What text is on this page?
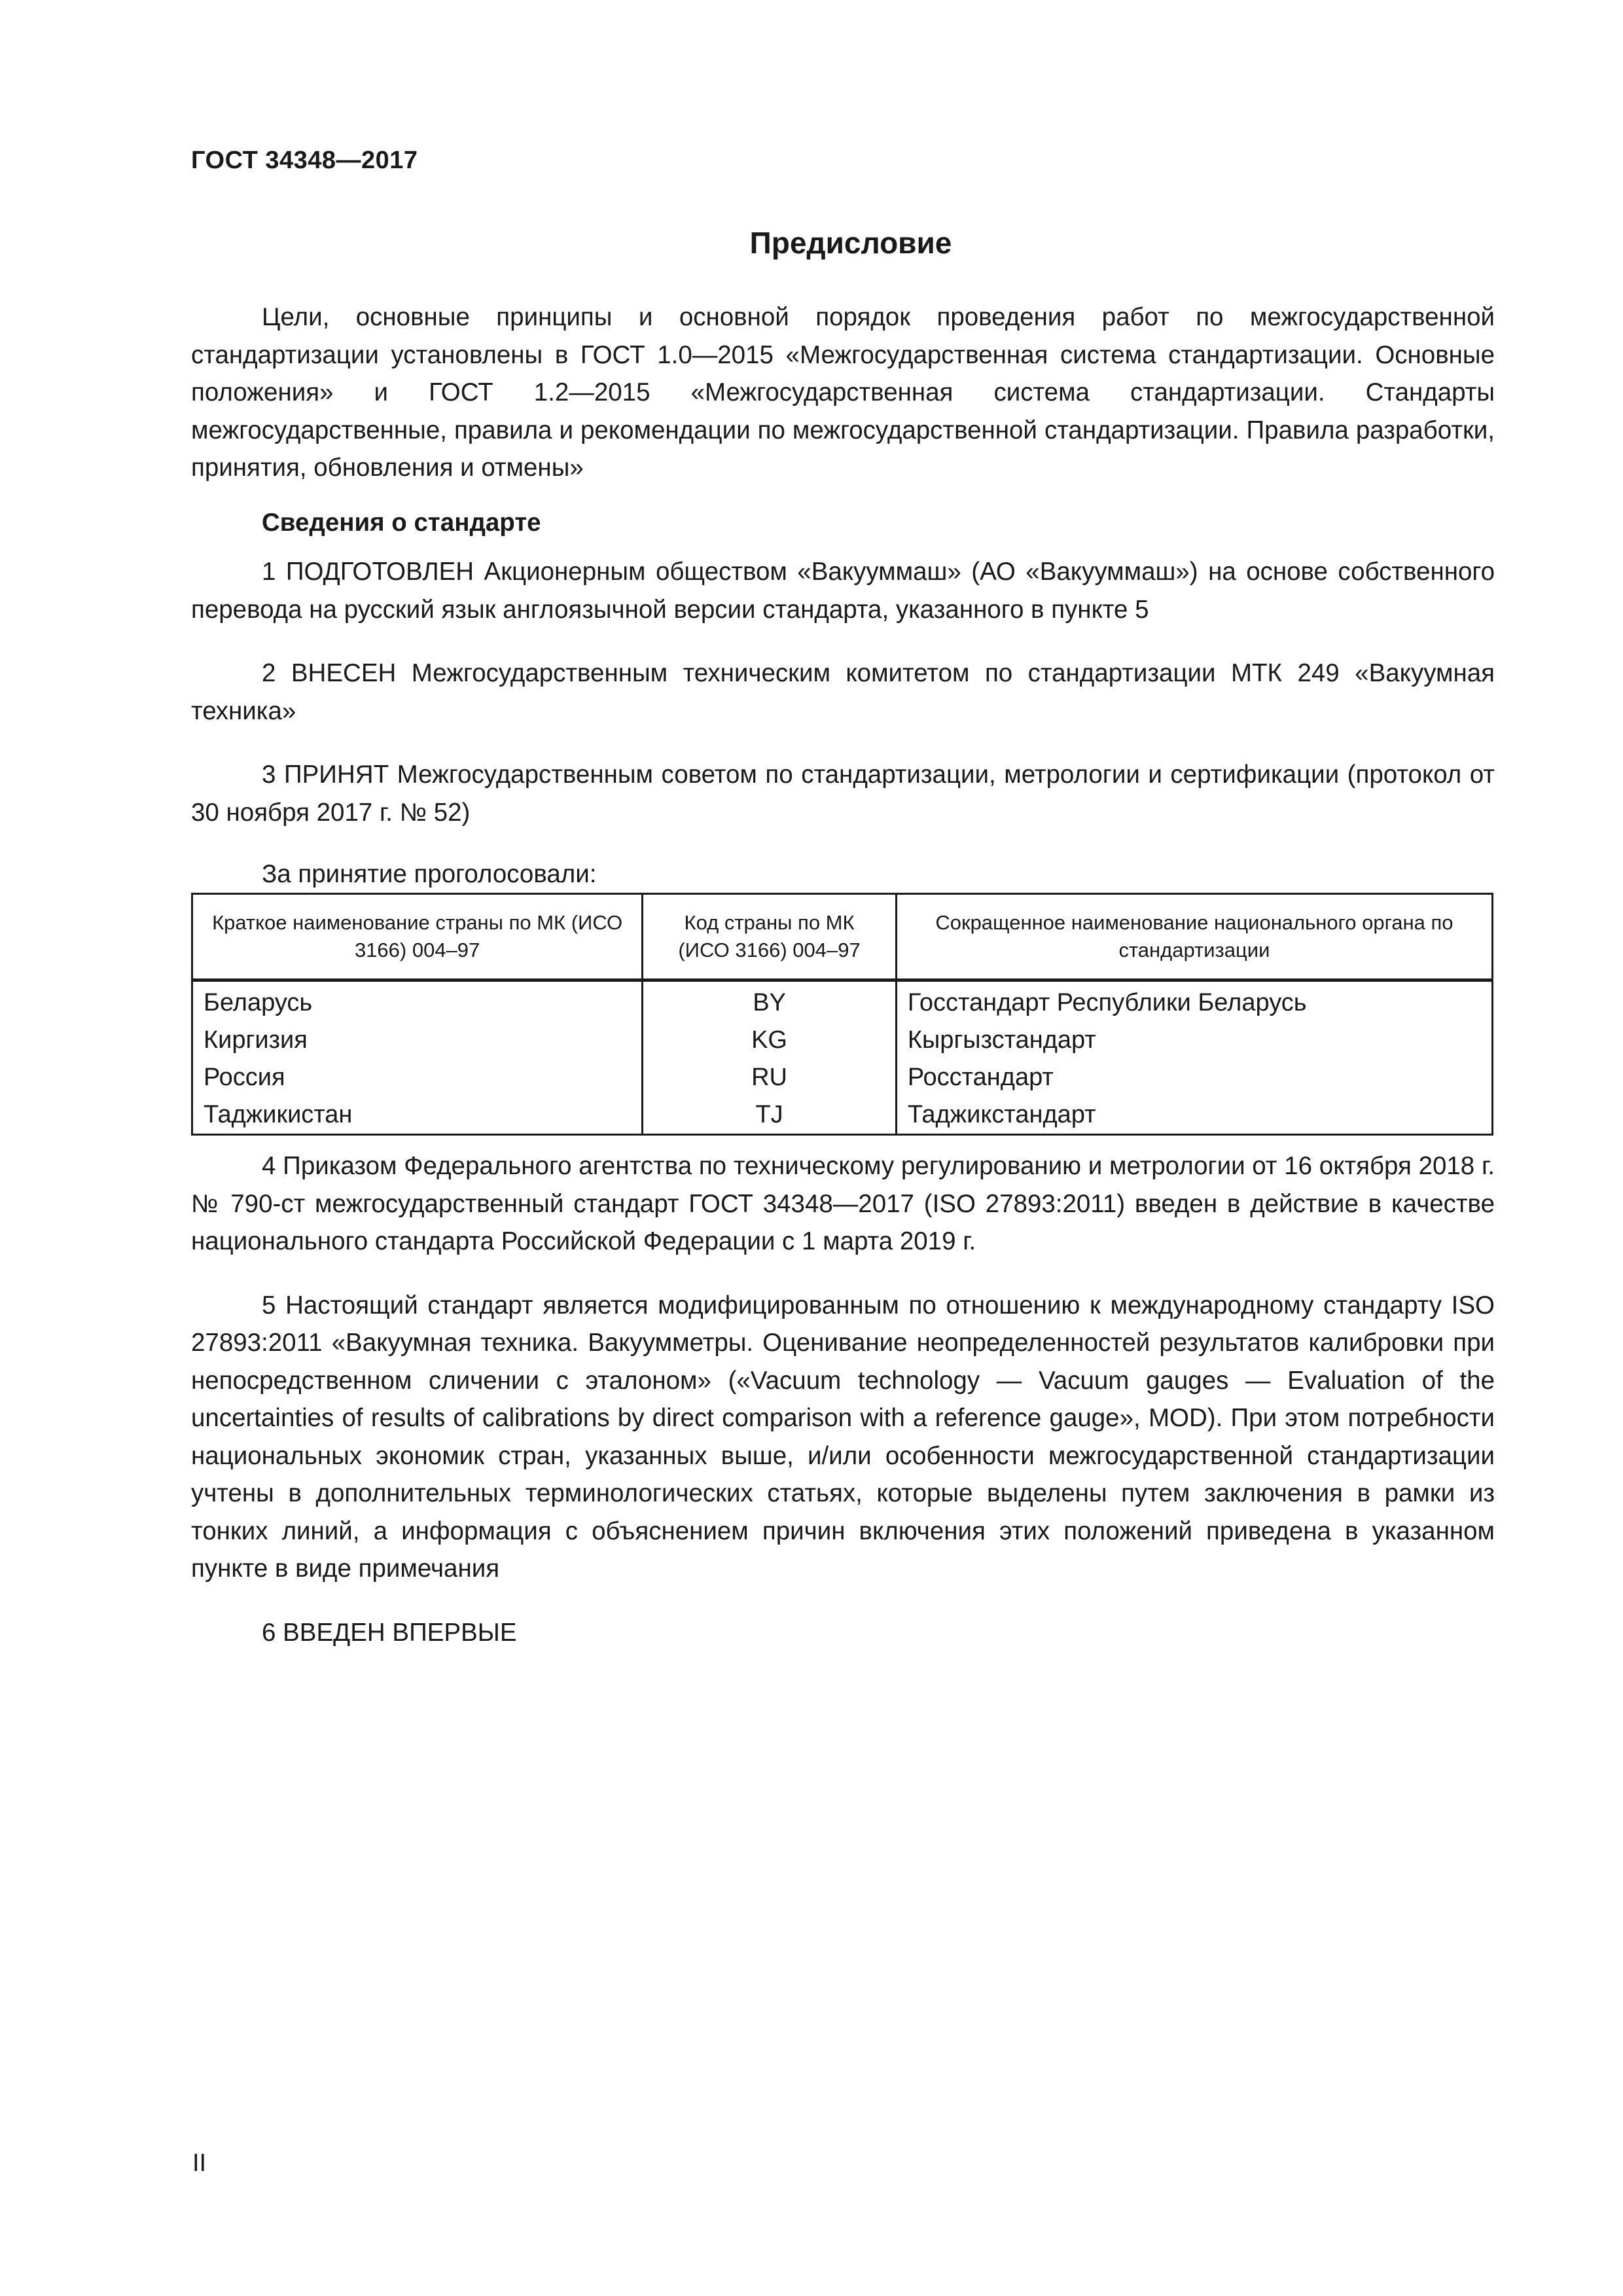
ГОСТ 34348—2017
Предисловие

Цели, основные принципы и основной порядок проведения работ по межгосударственной стандартизации установлены в ГОСТ 1.0—2015 «Межгосударственная система стандартизации. Основные положения» и ГОСТ 1.2—2015 «Межгосударственная система стандартизации. Стандарты межгосударственные, правила и рекомендации по межгосударственной стандартизации. Правила разработки, принятия, обновления и отмены»

Сведения о стандарте

1 ПОДГОТОВЛЕН Акционерным обществом «Вакууммаш» (АО «Вакууммаш») на основе собственного перевода на русский язык англоязычной версии стандарта, указанного в пункте 5

2 ВНЕСЕН Межгосударственным техническим комитетом по стандартизации МТК 249 «Вакуумная техника»

3 ПРИНЯТ Межгосударственным советом по стандартизации, метрологии и сертификации (протокол от 30 ноября 2017 г. № 52)

За принятие проголосовали:
Краткое наименование страны по МК (ИСО 3166) 004–97	Код страны по МК (ИСО 3166) 004–97	Сокращенное наименование национального органа по стандартизации
Беларусь	BY	Госстандарт Республики Беларусь
Киргизия	KG	Кыргызстандарт
Россия	RU	Росстандарт
Таджикистан	TJ	Таджикстандарт

4 Приказом Федерального агентства по техническому регулированию и метрологии от 16 октября 2018 г. № 790-ст межгосударственный стандарт ГОСТ 34348—2017 (ISO 27893:2011) введен в действие в качестве национального стандарта Российской Федерации с 1 марта 2019 г.

5 Настоящий стандарт является модифицированным по отношению к международному стандарту ISO 27893:2011 «Вакуумная техника. Вакуумметры. Оценивание неопределенностей результатов калибровки при непосредственном сличении с эталоном» («Vacuum technology — Vacuum gauges — Evaluation of the uncertainties of results of calibrations by direct comparison with a reference gauge», MOD). При этом потребности национальных экономик стран, указанных выше, и/или особенности межгосударственной стандартизации учтены в дополнительных терминологических статьях, которые выделены путем заключения в рамки из тонких линий, а информация с объяснением причин включения этих положений приведена в указанном пункте в виде примечания

6 ВВЕДЕН ВПЕРВЫЕ

II
